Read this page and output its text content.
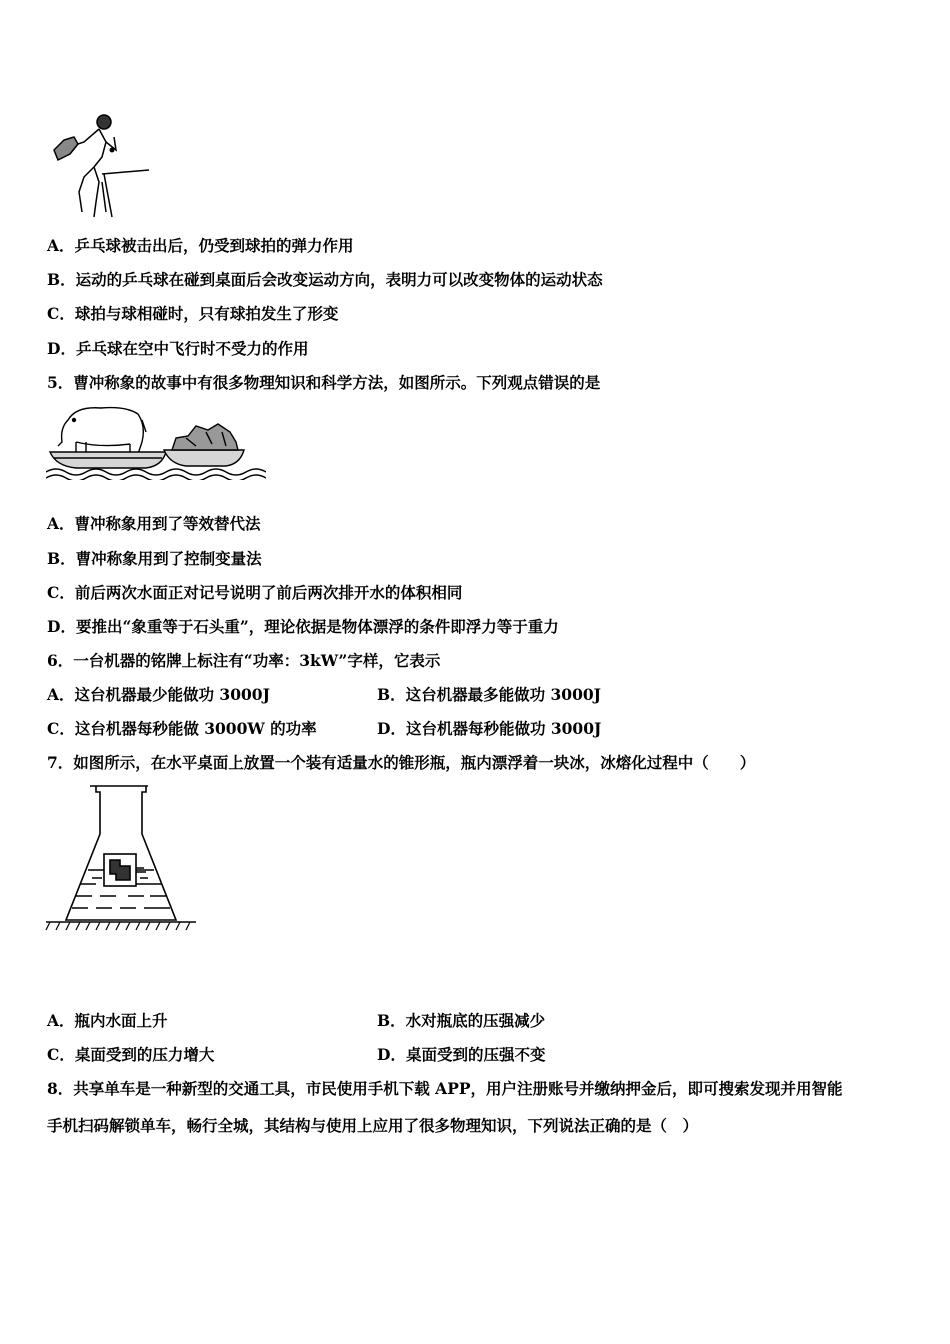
A．乒乓球被击出后，仍受到球拍的弹力作用
B．运动的乒乓球在碰到桌面后会改变运动方向，表明力可以改变物体的运动状态
C．球拍与球相碰时，只有球拍发生了形变
D．乒乓球在空中飞行时不受力的作用
5．曹冲称象的故事中有很多物理知识和科学方法，如图所示。下列观点错误的是
A．曹冲称象用到了等效替代法
B．曹冲称象用到了控制变量法
C．前后两次水面正对记号说明了前后两次排开水的体积相同
D．要推出“象重等于石头重”，理论依据是物体漂浮的条件即浮力等于重力
6．一台机器的铭牌上标注有“功率：3kW”字样，它表示
A．这台机器最少能做功 3000J	B．这台机器最多能做功 3000J
C．这台机器每秒能做 3000W 的功率	D．这台机器每秒能做功 3000J
7．如图所示，在水平桌面上放置一个装有适量水的锥形瓶，瓶内漂浮着一块冰，冰熔化过程中（　　）
A．瓶内水面上升	B．水对瓶底的压强减少
C．桌面受到的压力增大	D．桌面受到的压强不变
8．共享单车是一种新型的交通工具，市民使用手机下载 APP，用户注册账号并缴纳押金后，即可搜索发现并用智能
手机扫码解锁单车，畅行全城，其结构与使用上应用了很多物理知识，下列说法正确的是（　）
